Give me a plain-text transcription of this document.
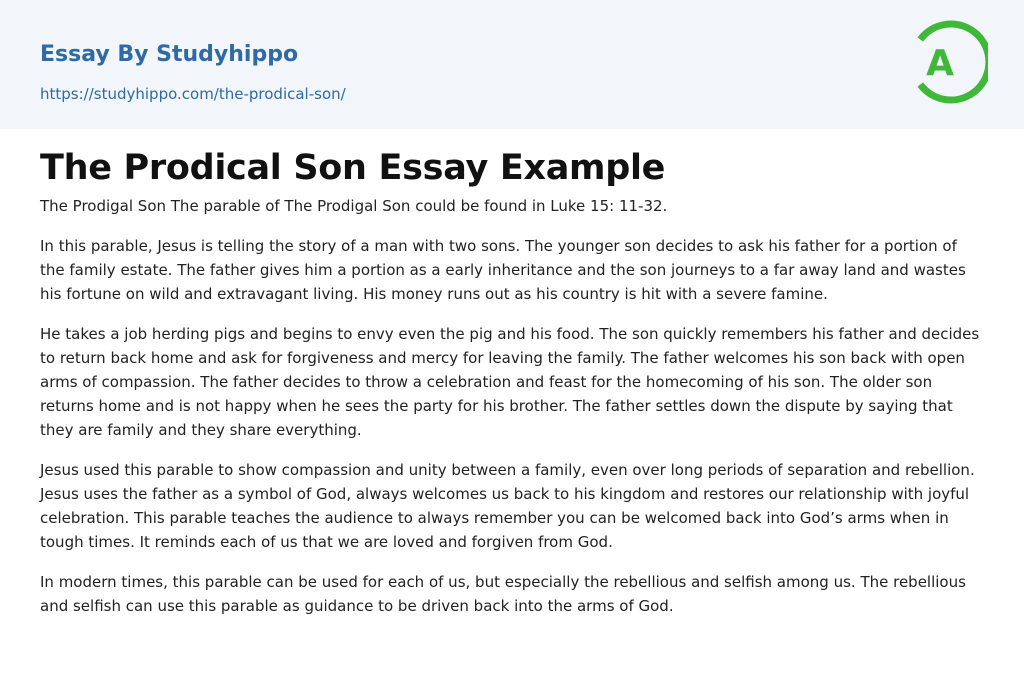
Essay By Studyhippo
https://studyhippo.com/the-prodical-son/
A
The Prodical Son Essay Example

The Prodigal Son The parable of The Prodigal Son could be found in Luke 15: 11-32.

In this parable, Jesus is telling the story of a man with two sons. The younger son decides to ask his father for a portion of the family estate. The father gives him a portion as a early inheritance and the son journeys to a far away land and wastes his fortune on wild and extravagant living. His money runs out as his country is hit with a severe famine.

He takes a job herding pigs and begins to envy even the pig and his food. The son quickly remembers his father and decides to return back home and ask for forgiveness and mercy for leaving the family. The father welcomes his son back with open arms of compassion. The father decides to throw a celebration and feast for the homecoming of his son. The older son returns home and is not happy when he sees the party for his brother. The father settles down the dispute by saying that they are family and they share everything.

Jesus used this parable to show compassion and unity between a family, even over long periods of separation and rebellion. Jesus uses the father as a symbol of God, always welcomes us back to his kingdom and restores our relationship with joyful celebration. This parable teaches the audience to always remember you can be welcomed back into God’s arms when in tough times. It reminds each of us that we are loved and forgiven from God.

In modern times, this parable can be used for each of us, but especially the rebellious and selfish among us. The rebellious and selfish can use this parable as guidance to be driven back into the arms of God.
